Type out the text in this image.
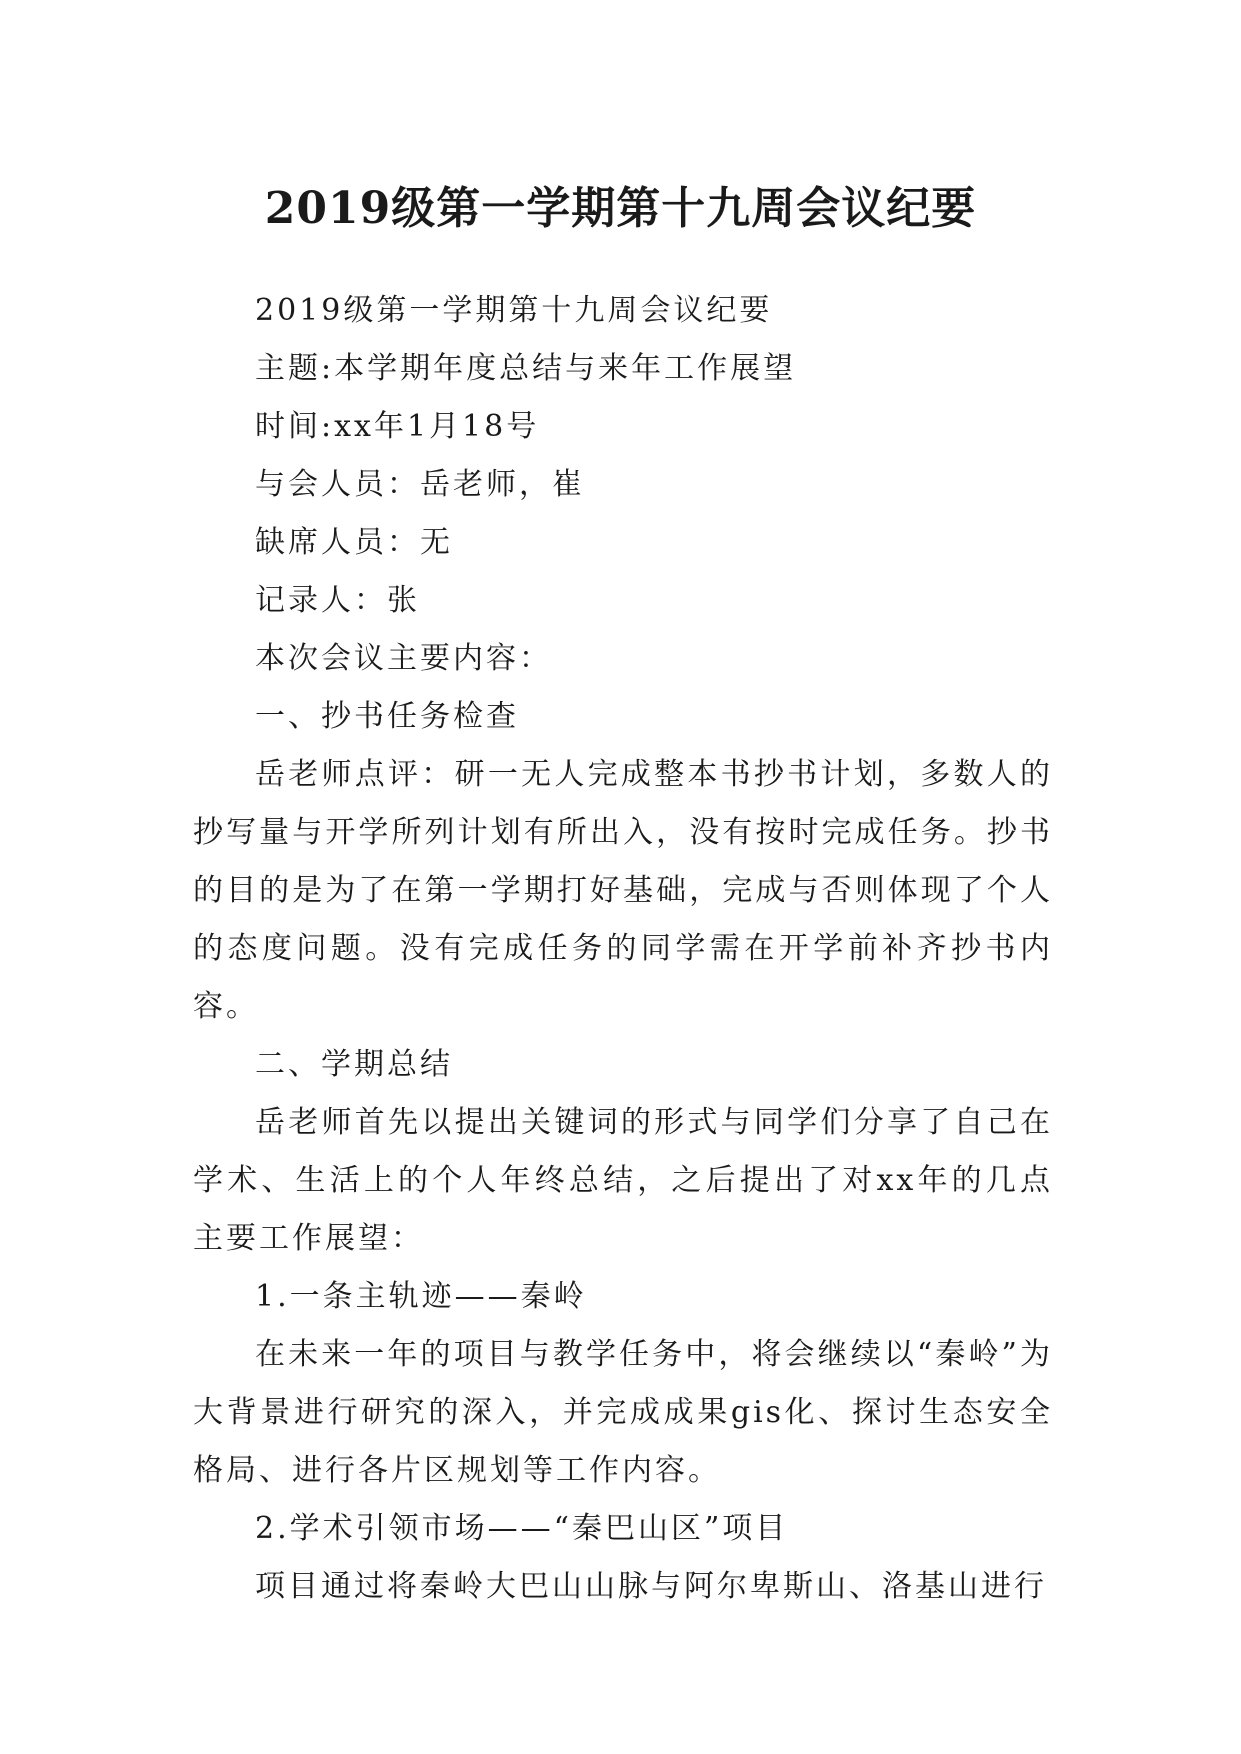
2019级第一学期第十九周会议纪要

2019级第一学期第十九周会议纪要

主题:本学期年度总结与来年工作展望

时间:xx年1月18号

与会人员：岳老师，崔

缺席人员：无

记录人：张

本次会议主要内容：

一、抄书任务检查

岳老师点评：研一无人完成整本书抄书计划，多数人的抄写量与开学所列计划有所出入，没有按时完成任务。抄书的目的是为了在第一学期打好基础，完成与否则体现了个人的态度问题。没有完成任务的同学需在开学前补齐抄书内容。

二、学期总结

岳老师首先以提出关键词的形式与同学们分享了自己在学术、生活上的个人年终总结，之后提出了对xx年的几点主要工作展望：

1.一条主轨迹——秦岭

在未来一年的项目与教学任务中，将会继续以“秦岭”为大背景进行研究的深入，并完成成果gis化、探讨生态安全格局、进行各片区规划等工作内容。

2.学术引领市场——“秦巴山区”项目

项目通过将秦岭大巴山山脉与阿尔卑斯山、洛基山进行
